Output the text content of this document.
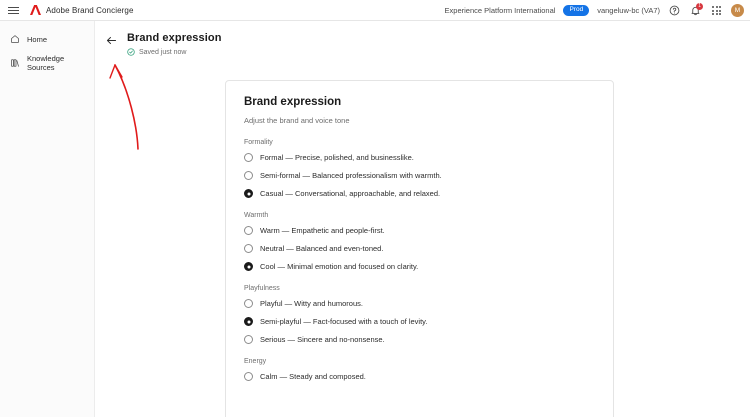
Adobe Brand Concierge	Experience Platform International	Prod	vangeluw-bc (VA7)	1
M
Home
Knowledge Sources
Brand expression
Saved just now
Brand expression
Adjust the brand and voice tone
Formality
Formal — Precise, polished, and businesslike.
Semi-formal — Balanced professionalism with warmth.
Casual — Conversational, approachable, and relaxed.
Warmth
Warm — Empathetic and people-first.
Neutral — Balanced and even-toned.
Cool — Minimal emotion and focused on clarity.
Playfulness
Playful — Witty and humorous.
Semi-playful — Fact-focused with a touch of levity.
Serious — Sincere and no-nonsense.
Energy
Calm — Steady and composed.
